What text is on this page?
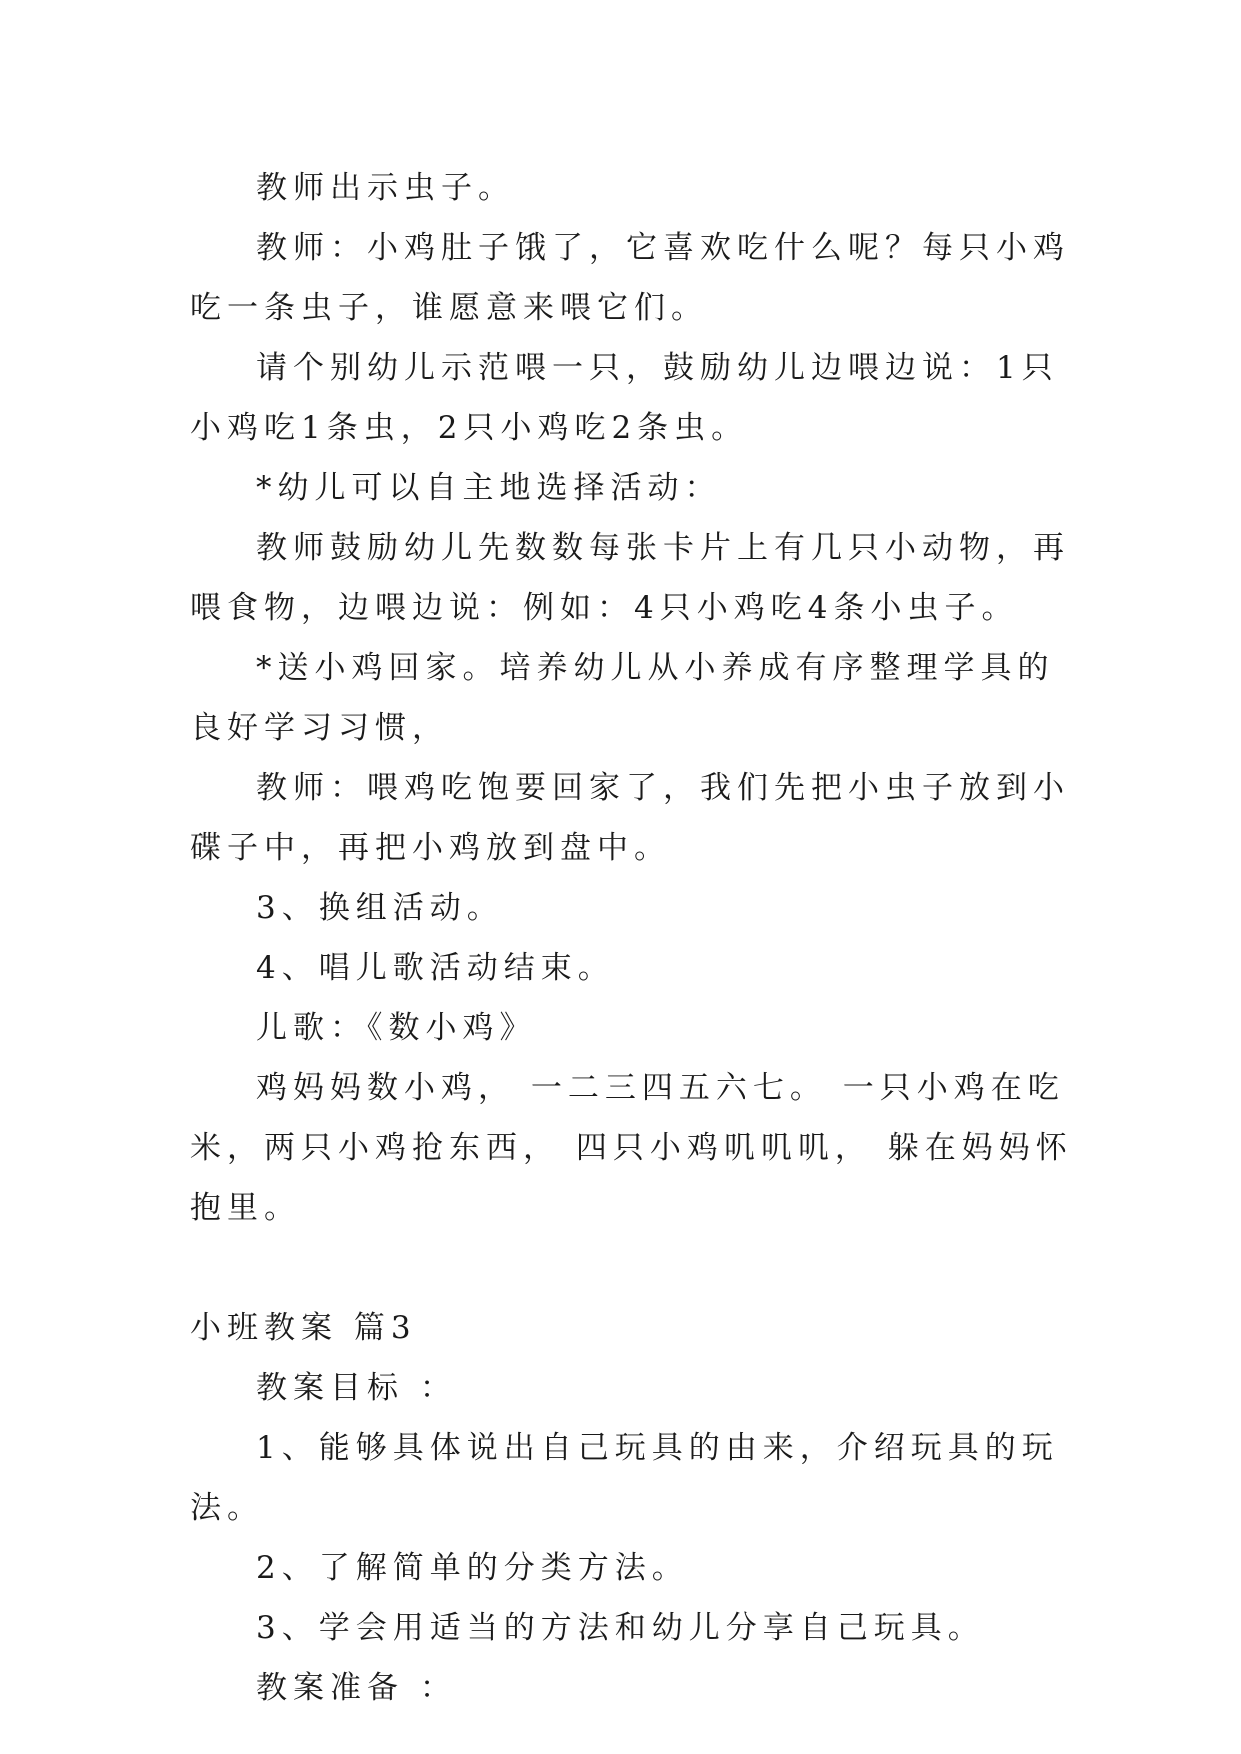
教师出示虫子。

教师：小鸡肚子饿了，它喜欢吃什么呢？每只小鸡吃一条虫子，谁愿意来喂它们。

请个别幼儿示范喂一只，鼓励幼儿边喂边说：1只小鸡吃1条虫，2只小鸡吃2条虫。

*幼儿可以自主地选择活动：

教师鼓励幼儿先数数每张卡片上有几只小动物，再喂食物，边喂边说：例如：4只小鸡吃4条小虫子。

*送小鸡回家。培养幼儿从小养成有序整理学具的良好学习习惯，

教师：喂鸡吃饱要回家了，我们先把小虫子放到小碟子中，再把小鸡放到盘中。

3、换组活动。

4、唱儿歌活动结束。

儿歌：《数小鸡》

鸡妈妈数小鸡， 一二三四五六七。 一只小鸡在吃米，两只小鸡抢东西， 四只小鸡叽叽叽， 躲在妈妈怀抱里。

小班教案 篇3

教案目标 ：

1、能够具体说出自己玩具的由来，介绍玩具的玩法。

2、了解简单的分类方法。

3、学会用适当的方法和幼儿分享自己玩具。

教案准备 ：
